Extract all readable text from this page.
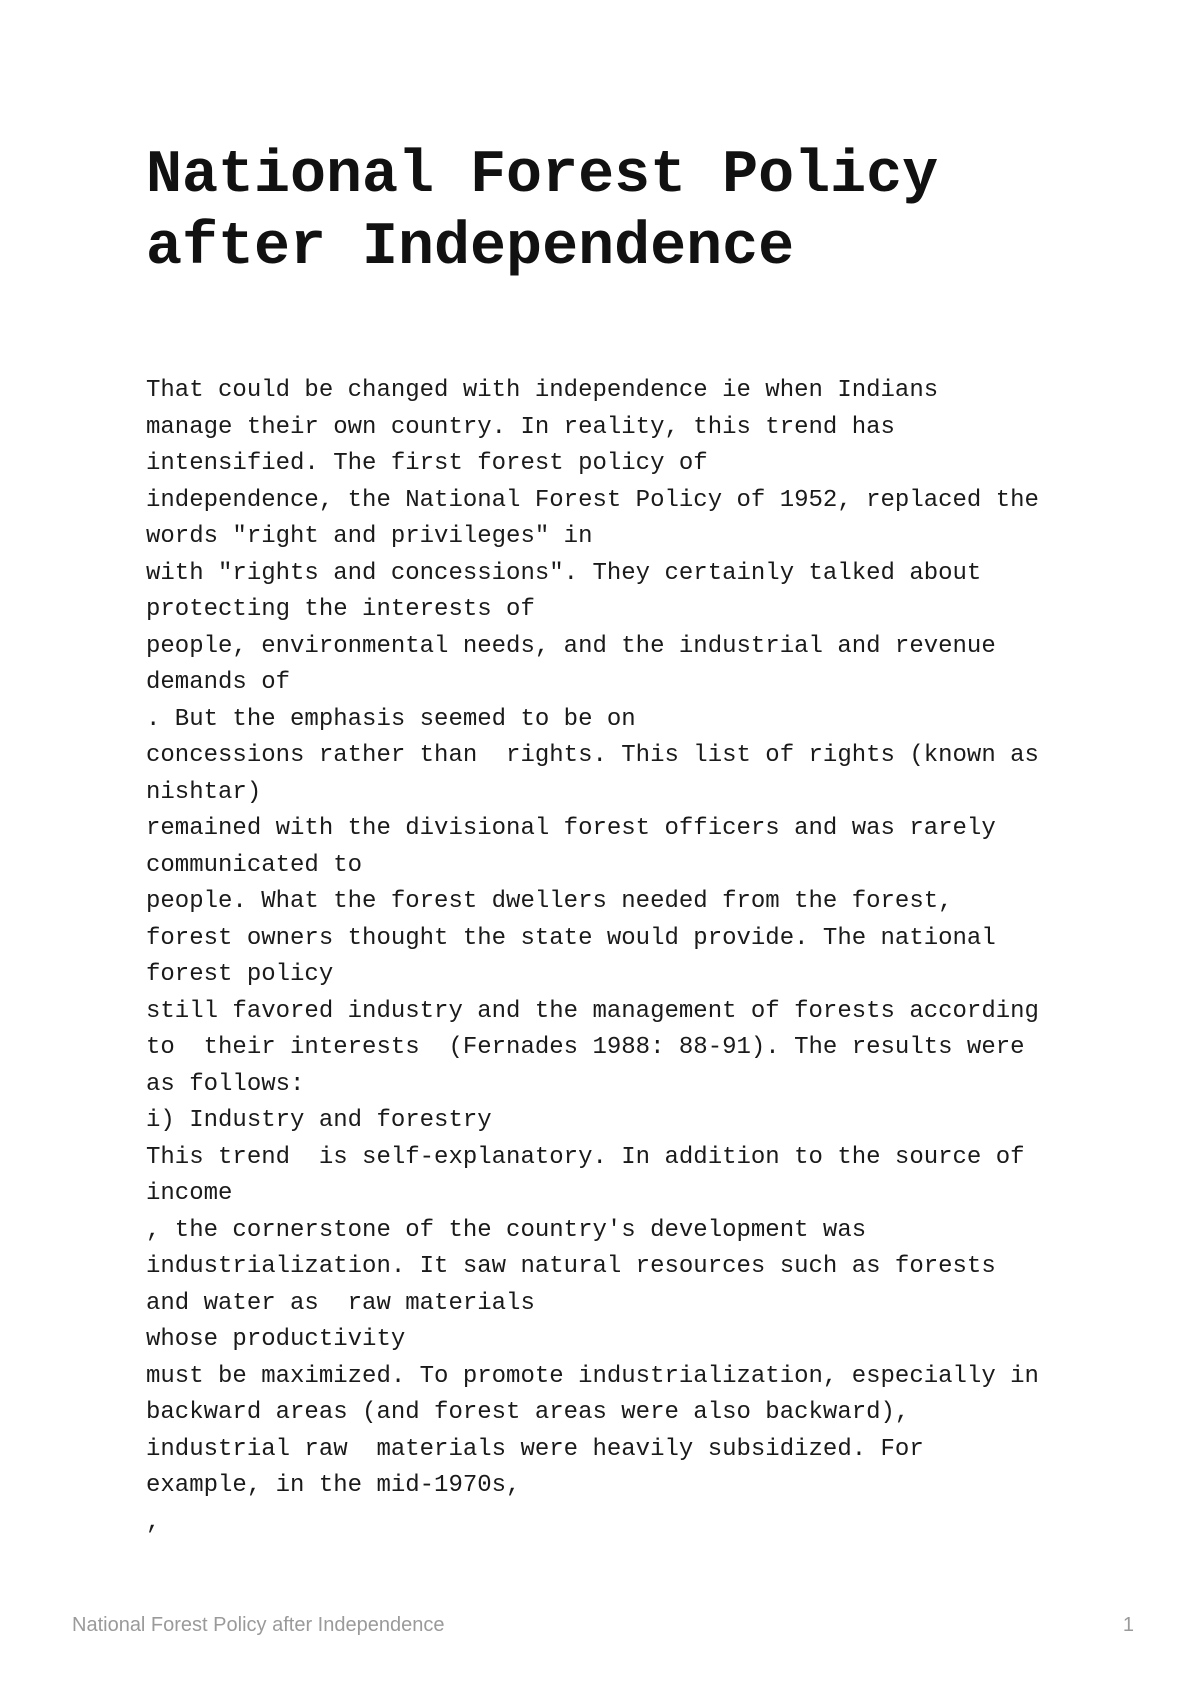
National Forest Policy
after Independence
That could be changed with independence ie when Indians
manage their own country. In reality, this trend has
intensified. The first forest policy of
independence, the National Forest Policy of 1952, replaced the
words "right and privileges" in
with "rights and concessions". They certainly talked about
protecting the interests of
people, environmental needs, and the industrial and revenue
demands of
. But the emphasis seemed to be on
concessions rather than  rights. This list of rights (known as
nishtar)
remained with the divisional forest officers and was rarely
communicated to
people. What the forest dwellers needed from the forest,
forest owners thought the state would provide. The national
forest policy
still favored industry and the management of forests according
to  their interests  (Fernades 1988: 88-91). The results were
as follows:
i) Industry and forestry
This trend  is self-explanatory. In addition to the source of
income
, the cornerstone of the country's development was
industrialization. It saw natural resources such as forests
and water as  raw materials
whose productivity
must be maximized. To promote industrialization, especially in
backward areas (and forest areas were also backward),
industrial raw  materials were heavily subsidized. For
example, in the mid-1970s,
,
National Forest Policy after Independence	1
